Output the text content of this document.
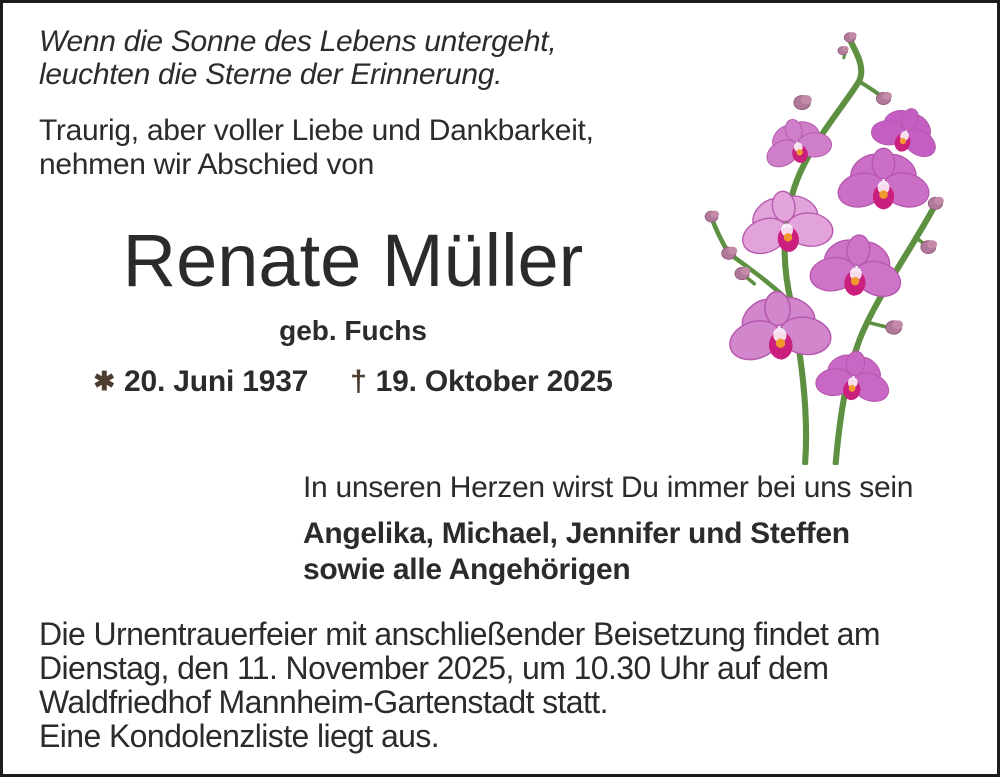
Wenn die Sonne des Lebens untergeht,
leuchten die Sterne der Erinnerung.
Traurig, aber voller Liebe und Dankbarkeit,
nehmen wir Abschied von
Renate Müller
geb. Fuchs
✱ 20. Juni 1937 † 19. Oktober 2025
In unseren Herzen wirst Du immer bei uns sein
Angelika, Michael, Jennifer und Steffen
sowie alle Angehörigen
Die Urnentrauerfeier mit anschließender Beisetzung findet am
Dienstag, den 11. November 2025, um 10.30 Uhr auf dem
Waldfriedhof Mannheim-Gartenstadt statt.
Eine Kondolenzliste liegt aus.
